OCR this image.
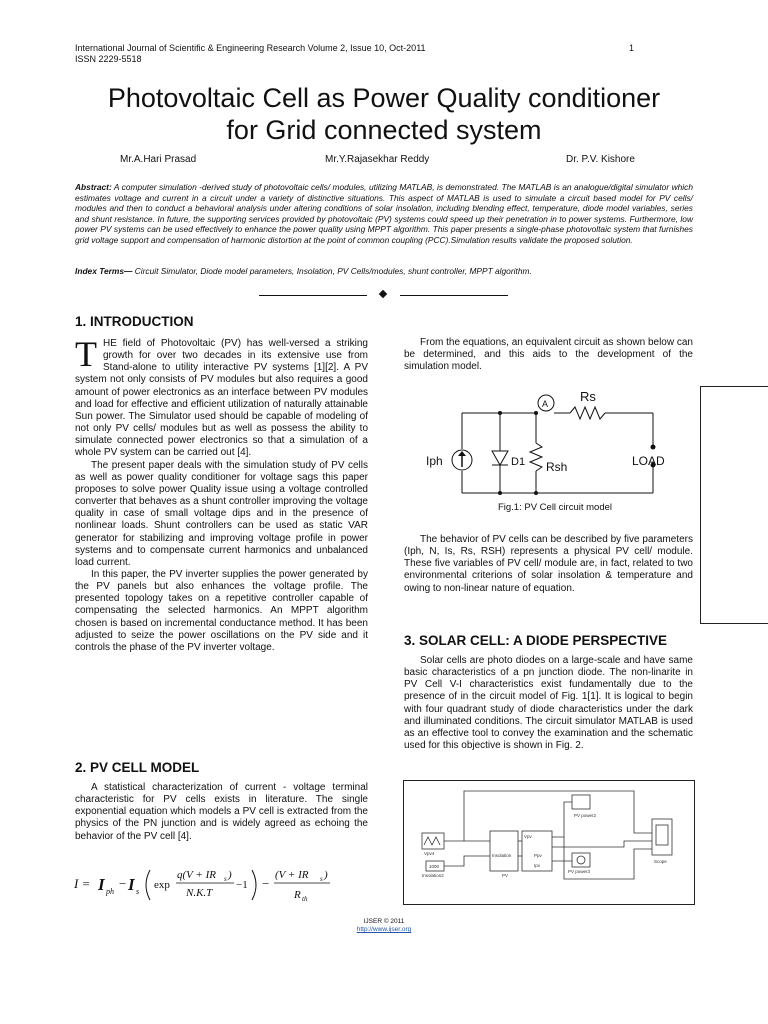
International Journal of Scientific & Engineering Research Volume 2, Issue 10, Oct-2011
ISSN 2229-5518
1
Photovoltaic Cell as Power Quality conditioner
for Grid connected system
Mr.A.Hari Prasad	Mr.Y.Rajasekhar Reddy	Dr. P.V. Kishore
Abstract: A computer simulation -derived study of photovoltaic cells/ modules, utilizing MATLAB, is demonstrated. The MATLAB is an analogue/digital simulator which estimates voltage and current in a circuit under a variety of distinctive situations. This aspect of MATLAB is used to simulate a circuit based model for PV cells/ modules and then to conduct a behavioral analysis under altering conditions of solar insolation, including blending effect, temperature, diode model variables, series and shunt resistance. In future, the supporting services provided by photovoltaic (PV) systems could speed up their penetration in to power systems. Furthermore, low power PV systems can be used effectively to enhance the power quality using MPPT algorithm. This paper presents a single-phase photovoltaic system that furnishes grid voltage support and compensation of harmonic distortion at the point of common coupling (PCC).Simulation results validate the proposed solution.
Index Terms— Circuit Simulator, Diode model parameters, Insolation, PV Cells/modules, shunt controller, MPPT algorithm.
1. INTRODUCTION

THE field of Photovoltaic (PV) has well-versed a striking growth for over two decades in its extensive use from Stand-alone to utility interactive PV systems [1][2]. A PV system not only consists of PV modules but also requires a good amount of power electronics as an interface between PV modules and load for effective and efficient utilization of naturally attainable Sun power. The Simulator used should be capable of modeling of not only PV cells/ modules but as well as possess the ability to simulate connected power electronics so that a simulation of a whole PV system can be carried out [4].

The present paper deals with the simulation study of PV cells as well as power quality conditioner for voltage sags this paper proposes to solve power Quality issue using a voltage controlled converter that behaves as a shunt controller improving the voltage quality in case of small voltage dips and in the presence of nonlinear loads. Shunt controllers can be used as static VAR generator for stabilizing and improving voltage profile in power systems and to compensate current harmonics and unbalanced load current.

In this paper, the PV inverter supplies the power generated by the PV panels but also enhances the voltage profile. The presented topology takes on a repetitive controller capable of compensating the selected harmonics. An MPPT algorithm chosen is based on incremental conductance method. It has been adjusted to seize the power oscillations on the PV side and it controls the phase of the PV inverter voltage.

2. PV CELL MODEL

A statistical characterization of current - voltage terminal characteristic for PV cells exists in literature. The single exponential equation which models a PV cell is extracted from the physics of the PN junction and is widely agreed as echoing the behavior of the PV cell [4].

I = I ph
− I s
exp
q(V + IR s )
N.K.T
−1 −
(V + IR s )
R th

From the equations, an equivalent circuit as shown below can be determined, and this aids to the development of the simulation model.

A Rs
Iph	D1 Rsh	LOAD
Fig.1: PV Cell circuit model

The behavior of PV cells can be described by five parameters (Iph, N, Is, Rs, RSH) represents a physical PV cell/ module. These five variables of PV cell/ module are, in fact, related to two environmental criterions of solar insolation & temperature and owing to non-linear nature of equation.

3. SOLAR CELL: A DIODE PERSPECTIVE

Solar cells are photo diodes on a large-scale and have same basic characteristics of a pn junction diode. The non-linarite in PV Cell V-I characteristics exist fundamentally due to the presence of in the circuit model of Fig. 1[1]. It is logical to begin with four quadrant study of diode characteristics under the dark and illuminated conditions. The circuit simulator MATLAB is used as an effective tool to convey the examination and the schematic used for this objective is shown in Fig. 2.

PV power2
PV power3
Vpv
Insolation	Ppv
Ipv
PV
1000
Insolation2
Vpv4
Scope
IJSER © 2011
http://www.ijser.org
